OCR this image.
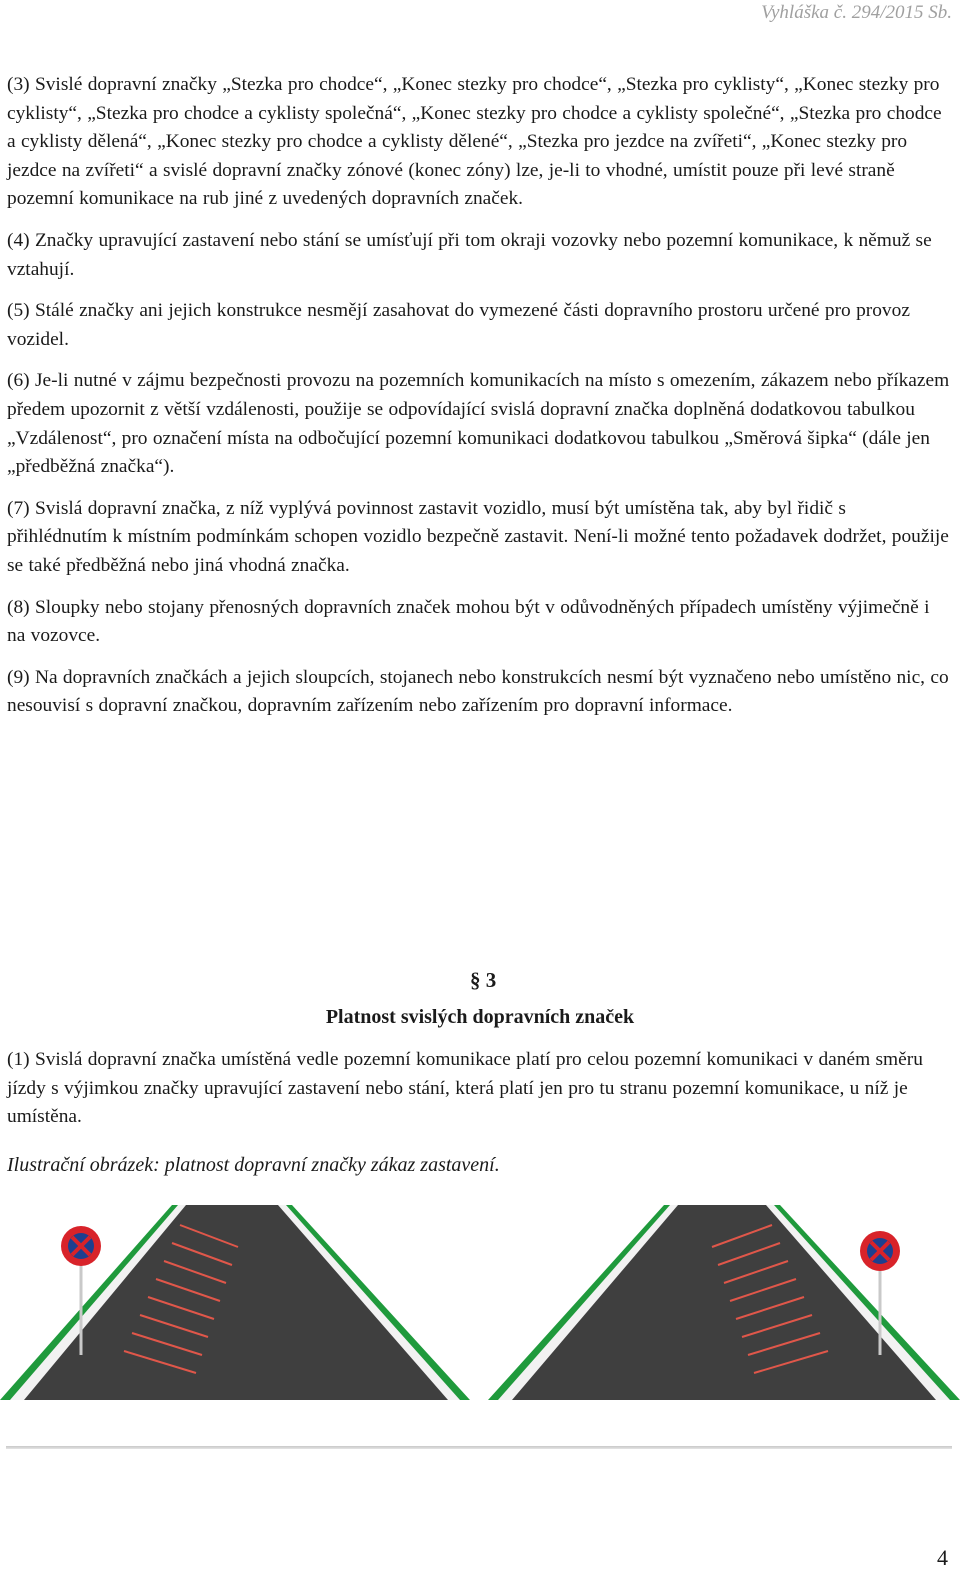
Vyhláška č. 294/2015 Sb.

(3) Svislé dopravní značky „Stezka pro chodce“, „Konec stezky pro chodce“, „Stezka pro cyklisty“, „Konec stezky pro cyklisty“, „Stezka pro chodce a cyklisty společná“, „Konec stezky pro chodce a cyklisty společné“, „Stezka pro chodce a cyklisty dělená“, „Konec stezky pro chodce a cyklisty dělené“, „Stezka pro jezdce na zvířeti“, „Konec stezky pro jezdce na zvířeti“ a svislé dopravní značky zónové (konec zóny) lze, je-li to vhodné, umístit pouze při levé straně pozemní komunikace na rub jiné z uvedených dopravních značek.

(4) Značky upravující zastavení nebo stání se umísťují při tom okraji vozovky nebo pozemní komunikace, k němuž se vztahují.

(5) Stálé značky ani jejich konstrukce nesmějí zasahovat do vymezené části dopravního prostoru určené pro provoz vozidel.

(6) Je-li nutné v zájmu bezpečnosti provozu na pozemních komunikacích na místo s omezením, zákazem nebo příkazem předem upozornit z větší vzdálenosti, použije se odpovídající svislá dopravní značka doplněná dodatkovou tabulkou „Vzdálenost“, pro označení místa na odbočující pozemní komunikaci dodatkovou tabulkou „Směrová šipka“ (dále jen „předběžná značka“).

(7) Svislá dopravní značka, z níž vyplývá povinnost zastavit vozidlo, musí být umístěna tak, aby byl řidič s přihlédnutím k místním podmínkám schopen vozidlo bezpečně zastavit. Není-li možné tento požadavek dodržet, použije se také předběžná nebo jiná vhodná značka.

(8) Sloupky nebo stojany přenosných dopravních značek mohou být v odůvodněných případech umístěny výjimečně i na vozovce.

(9) Na dopravních značkách a jejich sloupcích, stojanech nebo konstrukcích nesmí být vyznačeno nebo umístěno nic, co nesouvisí s dopravní značkou, dopravním zařízením nebo zařízením pro dopravní informace.

§ 3
Platnost svislých dopravních značek

(1) Svislá dopravní značka umístěná vedle pozemní komunikace platí pro celou pozemní komunikaci v daném směru jízdy s výjimkou značky upravující zastavení nebo stání, která platí jen pro tu stranu pozemní komunikace, u níž je umístěna.

Ilustrační obrázek: platnost dopravní značky zákaz zastavení.
4
